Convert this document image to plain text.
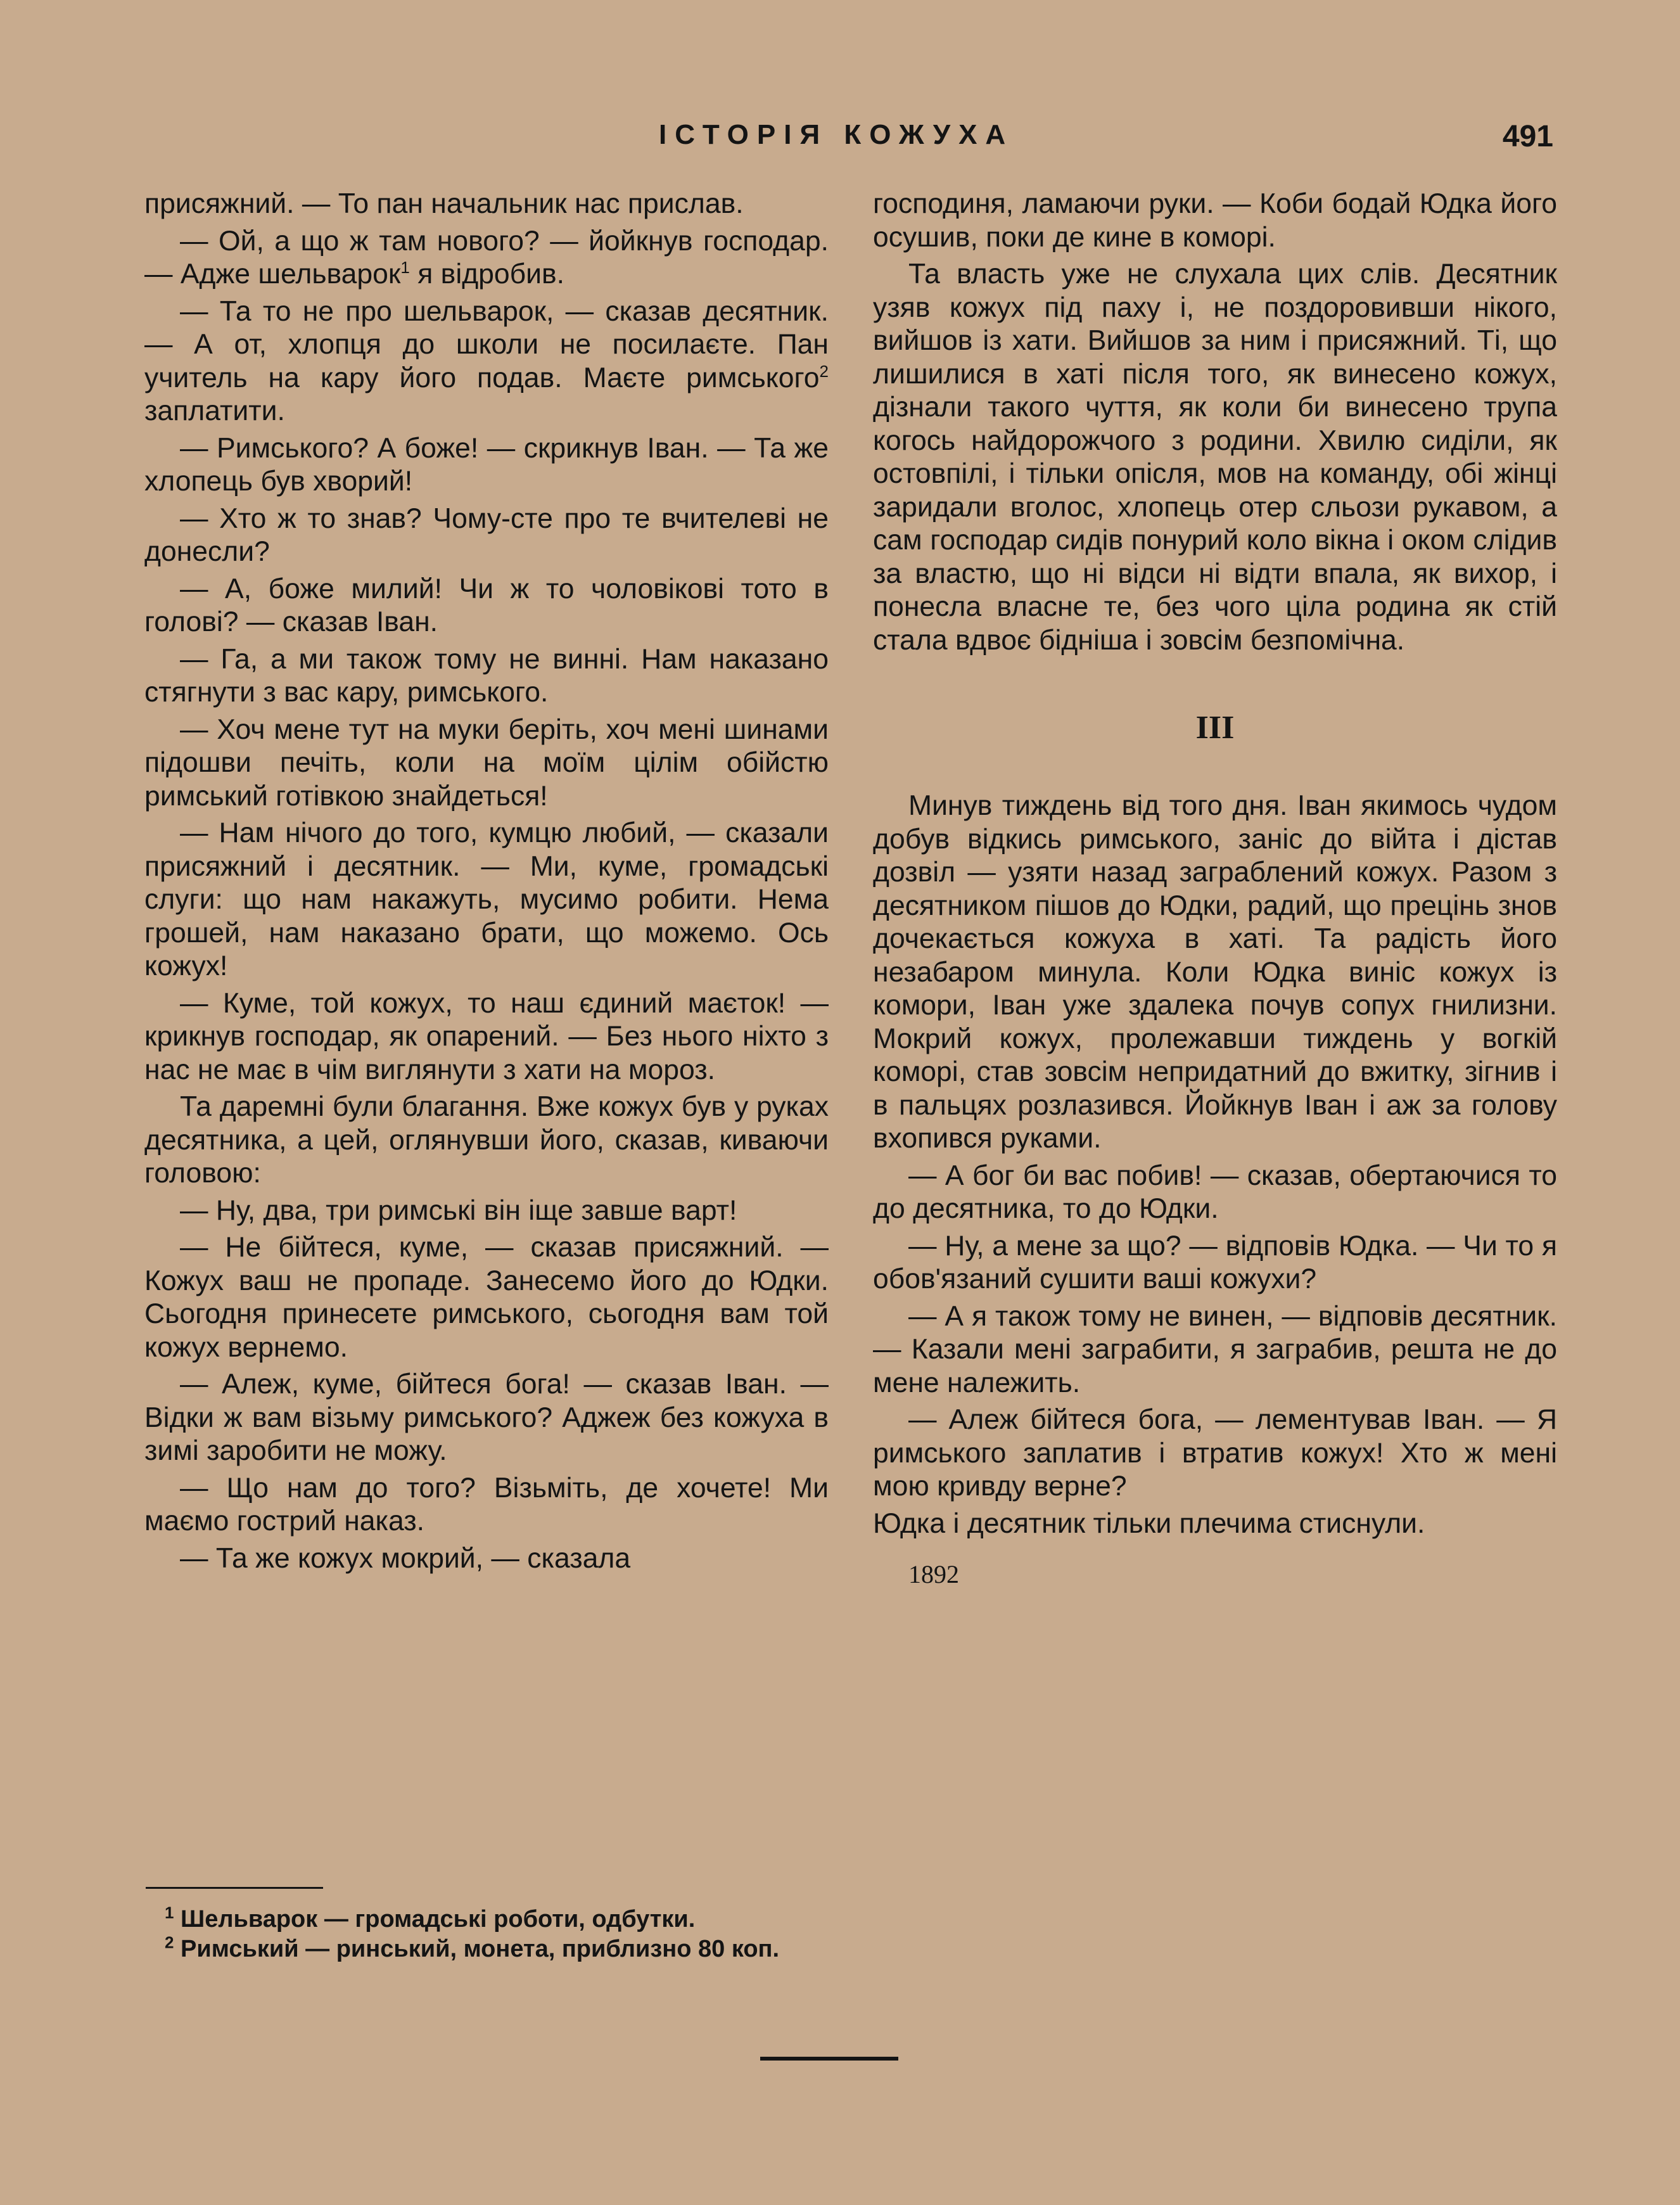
ІСТОРІЯ КОЖУХА	491

присяжний. — То пан начальник нас прислав.

— Ой, а що ж там нового? — йойкнув господар. — Адже шельварок$^1$ я відробив.

— Та то не про шельварок, — сказав десятник. — А от, хлопця до школи не посилаєте. Пан учитель на кару його подав. Маєте римського$^2$ заплатити.

— Римського? А боже! — скрикнув Іван. — Та же хлопець був хворий!

— Хто ж то знав? Чому-сте про те вчителеві не донесли?

— А, боже милий! Чи ж то чоловікові тото в голові? — сказав Іван.

— Га, а ми також тому не винні. Нам наказано стягнути з вас кару, римського.

— Хоч мене тут на муки беріть, хоч мені шинами підошви печіть, коли на моїм цілім обійстю римський готівкою знайдеться!

— Нам нічого до того, кумцю любий, — сказали присяжний і десятник. — Ми, куме, громадські слуги: що нам накажуть, мусимо робити. Нема грошей, нам наказано брати, що можемо. Ось кожух!

— Куме, той кожух, то наш єдиний маєток! — крикнув господар, як опарений. — Без нього ніхто з нас не має в чім виглянути з хати на мороз.

Та даремні були благання. Вже кожух був у руках десятника, а цей, оглянувши його, сказав, киваючи головою:

— Ну, два, три римські він іще завше варт!

— Не бійтеся, куме, — сказав присяжний. — Кожух ваш не пропаде. Занесемо його до Юдки. Сьогодня принесете римського, сьогодня вам той кожух вернемо.

— Алеж, куме, бійтеся бога! — сказав Іван. — Відки ж вам візьму римського? Аджеж без кожуха в зимі заробити не можу.

— Що нам до того? Візьміть, де хочете! Ми маємо гострий наказ.

— Та же кожух мокрий, — сказала

господиня, ламаючи руки. — Коби бодай Юдка його осушив, поки де кине в коморі.

Та власть уже не слухала цих слів. Десятник узяв кожух під паху і, не поздоровивши нікого, вийшов із хати. Вийшов за ним і присяжний. Ті, що лишилися в хаті після того, як винесено кожух, дізнали такого чуття, як коли би винесено трупа когось найдорожчого з родини. Хвилю сиділи, як остовпілі, і тільки опісля, мов на команду, обі жінці заридали вголос, хлопець отер сльози рукавом, а сам господар сидів понурий коло вікна і оком слідив за властю, що ні відси ні відти впала, як вихор, і понесла власне те, без чого ціла родина як стій стала вдвоє бідніша і зовсім безпомічна.

III

Минув тиждень від того дня. Іван якимось чудом добув відкись римського, заніс до війта і дістав дозвіл — узяти назад заграблений кожух. Разом з десятником пішов до Юдки, радий, що прецінь знов дочекається кожуха в хаті. Та радість його незабаром минула. Коли Юдка виніс кожух із комори, Іван уже здалека почув сопух гнилизни. Мокрий кожух, пролежавши тиждень у вогкій коморі, став зовсім непридатний до вжитку, зігнив і в пальцях розлазився. Йойкнув Іван і аж за голову вхопився руками.

— А бог би вас побив! — сказав, обертаючися то до десятника, то до Юдки.

— Ну, а мене за що? — відповів Юдка. — Чи то я обов'язаний сушити ваші кожухи?

— А я також тому не винен, — відповів десятник. — Казали мені заграбити, я заграбив, решта не до мене належить.

— Алеж бійтеся бога, — лементував Іван. — Я римського заплатив і втратив кожух! Хто ж мені мою кривду верне?

Юдка і десятник тільки плечима стиснули.

1892

$^1$ Шельварок — громадські роботи, одбутки.

$^2$ Римський — ринський, монета, приблизно 80 коп.
